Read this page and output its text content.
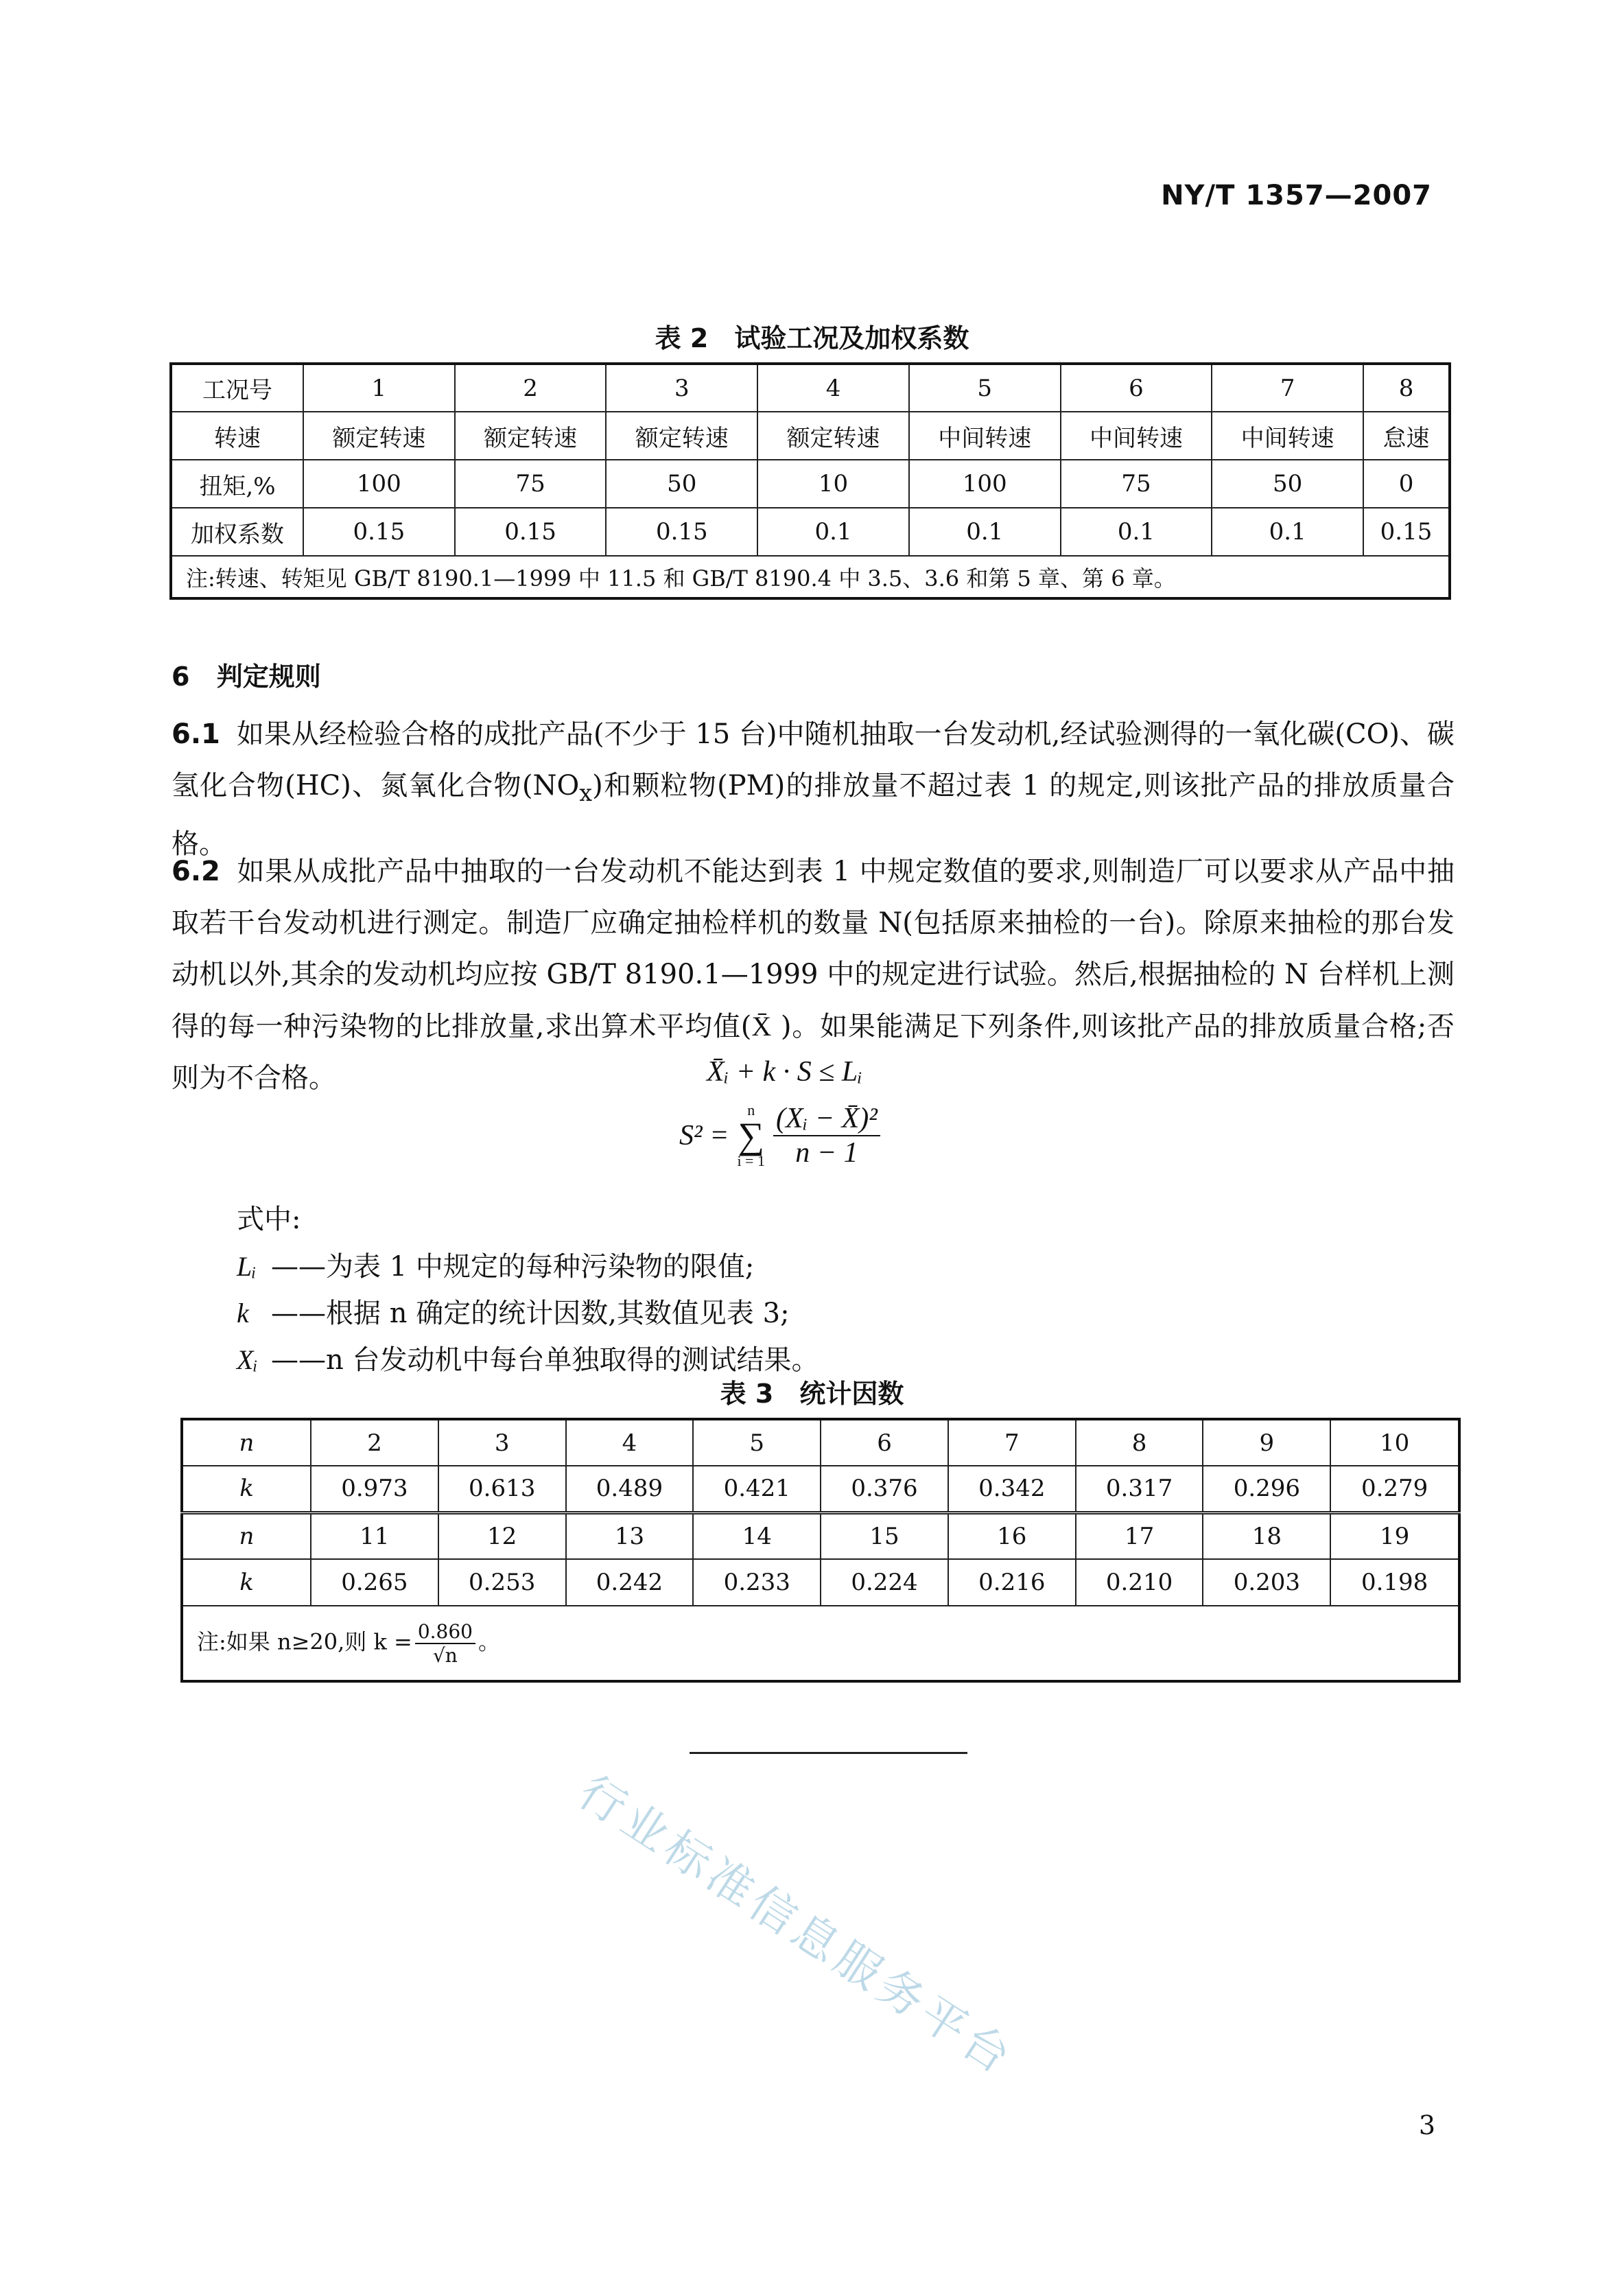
NY/T 1357—2007
表 2　试验工况及加权系数
工况号	1	2	3	4	5	6	7	8
转速	额定转速	额定转速	额定转速	额定转速	中间转速	中间转速	中间转速	怠速
扭矩,%	100	75	50	10	100	75	50	0
加权系数	0.15	0.15	0.15	0.1	0.1	0.1	0.1	0.15
注:转速、转矩见 GB/T 8190.1—1999 中 11.5 和 GB/T 8190.4 中 3.5、3.6 和第 5 章、第 6 章。								
6 判定规则
6.1 如果从经检验合格的成批产品(不少于 15 台)中随机抽取一台发动机,经试验测得的一氧化碳(CO)、碳氢化合物(HC)、氮氧化合物$(NO_x)$和颗粒物(PM)的排放量不超过表 1 的规定,则该批产品的排放质量合格。
6.2 如果从成批产品中抽取的一台发动机不能达到表 1 中规定数值的要求,则制造厂可以要求从产品中抽取若干台发动机进行测定。制造厂应确定抽检样机的数量 N(包括原来抽检的一台)。除原来抽检的那台发动机以外,其余的发动机均应按 GB/T 8190.1—1999 中的规定进行试验。然后,根据抽检的 N 台样机上测得的每一种污染物的比排放量,求出算术平均值(X̄ )。如果能满足下列条件,则该批产品的排放质量合格;否则为不合格。	X̄ᵢ + k · S ≤ Lᵢ
S² =
n
∑
$i = 1 \frac{\text{(Xᵢ − X̄)²}}{n - 1}$
式中:
Lᵢ ——为表 1 中规定的每种污染物的限值;
k ——根据 n 确定的统计因数,其数值见表 3;
Xᵢ ——n 台发动机中每台单独取得的测试结果。
表 3　统计因数
n	2	3	4	5	6	7	8	9	10
k	0.973	0.613	0.489	0.421	0.376	0.342	0.317	0.296	0.279
n	11	12	13	14	15	16	17	18	19
k	0.265	0.253	0.242	0.233	0.224	0.216	0.210	0.203	0.198
注:如果 n≥20,则 $k = \frac{0.860}{√n}$ 。									
行业标准信息服务平台
3
